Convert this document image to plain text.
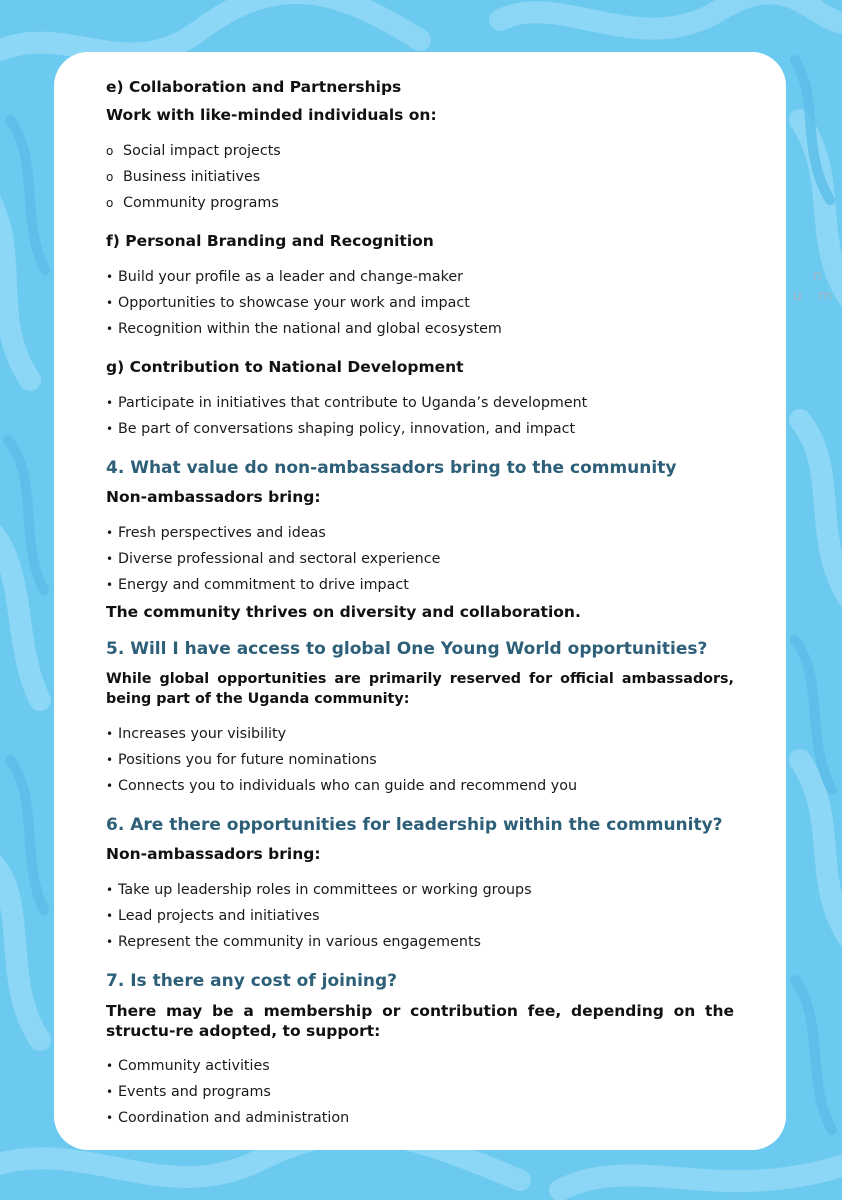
n
u m

e) Collaboration and Partnerships

Work with like-minded individuals on:

o Social impact projects
o Business initiatives
o Community programs

f) Personal Branding and Recognition

• Build your profile as a leader and change-maker
• Opportunities to showcase your work and impact
• Recognition within the national and global ecosystem

g) Contribution to National Development

• Participate in initiatives that contribute to Uganda’s development
• Be part of conversations shaping policy, innovation, and impact

4. What value do non-ambassadors bring to the community

Non-ambassadors bring:

• Fresh perspectives and ideas
• Diverse professional and sectoral experience
• Energy and commitment to drive impact

The community thrives on diversity and collaboration.

5. Will I have access to global One Young World opportunities?

While global opportunities are primarily reserved for official ambassadors, being part of the Uganda community:

• Increases your visibility
• Positions you for future nominations
• Connects you to individuals who can guide and recommend you

6. Are there opportunities for leadership within the community?

Non-ambassadors bring:

• Take up leadership roles in committees or working groups
• Lead projects and initiatives
• Represent the community in various engagements

7. Is there any cost of joining?

There may be a membership or contribution fee, depending on the structu-re adopted, to support:

• Community activities
• Events and programs
• Coordination and administration
